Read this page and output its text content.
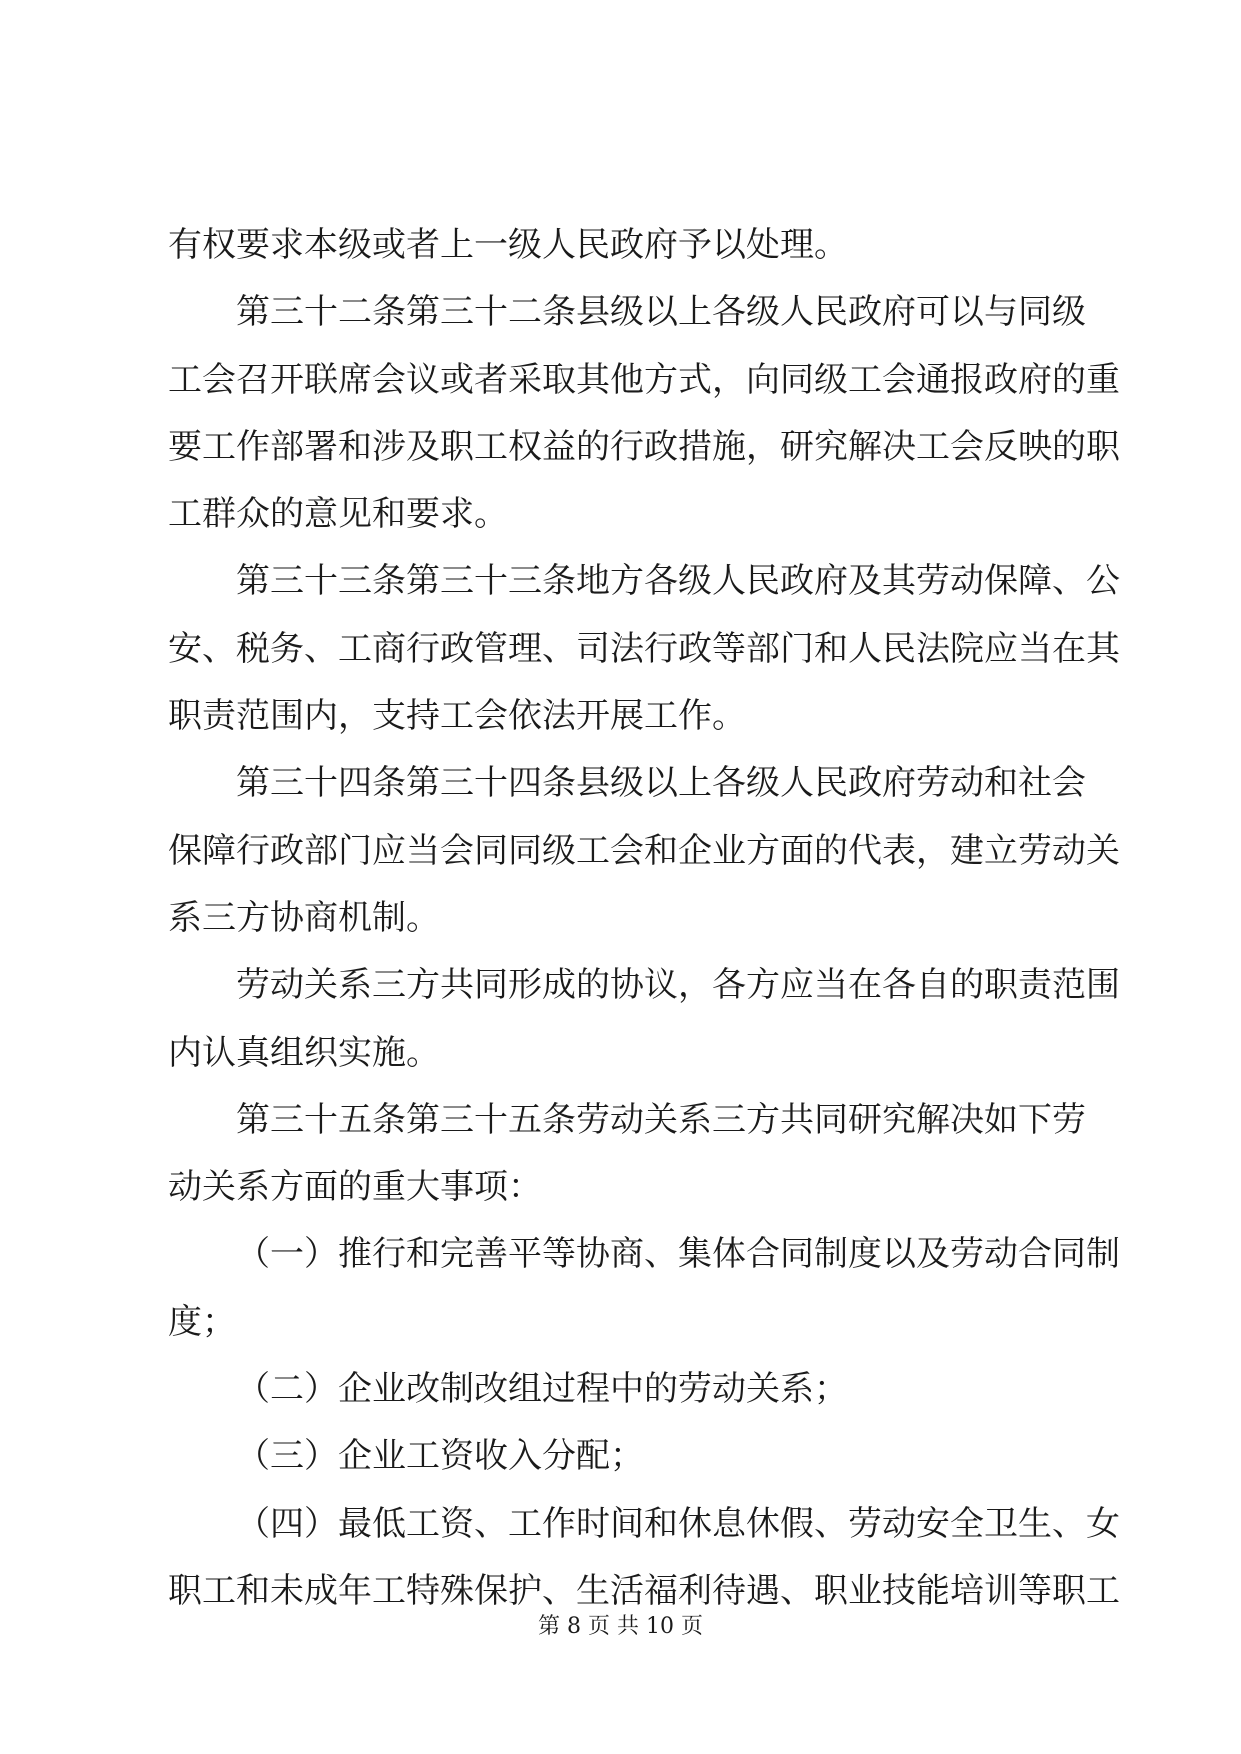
有权要求本级或者上一级人民政府予以处理。
第三十二条第三十二条县级以上各级人民政府可以与同级
工会召开联席会议或者采取其他方式，向同级工会通报政府的重
要工作部署和涉及职工权益的行政措施，研究解决工会反映的职
工群众的意见和要求。
第三十三条第三十三条地方各级人民政府及其劳动保障、公
安、税务、工商行政管理、司法行政等部门和人民法院应当在其
职责范围内，支持工会依法开展工作。
第三十四条第三十四条县级以上各级人民政府劳动和社会
保障行政部门应当会同同级工会和企业方面的代表，建立劳动关
系三方协商机制。
劳动关系三方共同形成的协议，各方应当在各自的职责范围
内认真组织实施。
第三十五条第三十五条劳动关系三方共同研究解决如下劳
动关系方面的重大事项：
（一）推行和完善平等协商、集体合同制度以及劳动合同制
度；
（二）企业改制改组过程中的劳动关系；
（三）企业工资收入分配；
（四）最低工资、工作时间和休息休假、劳动安全卫生、女
职工和未成年工特殊保护、生活福利待遇、职业技能培训等职工
第 8 页 共 10 页
